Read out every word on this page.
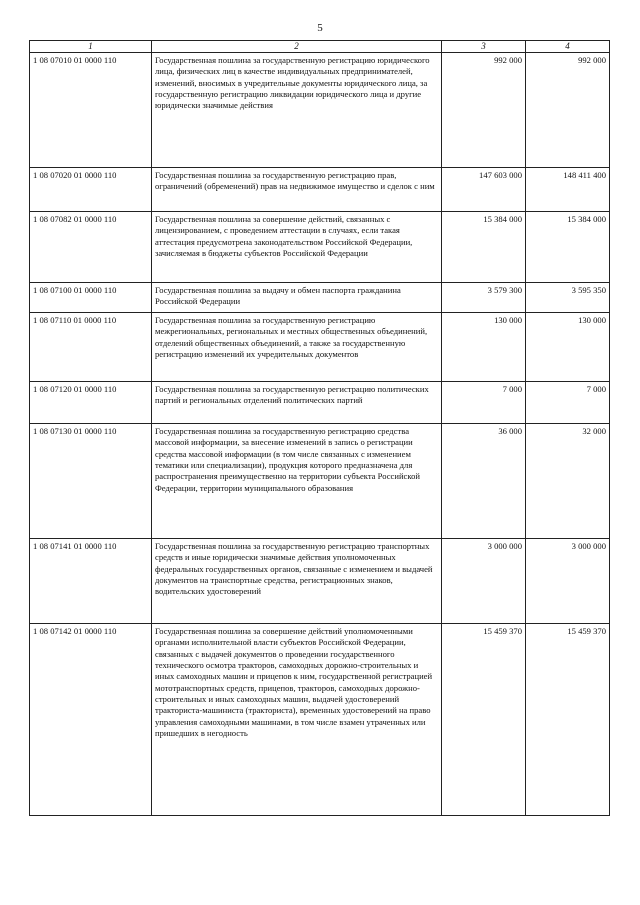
5
1	2	3	4
1 08 07010 01 0000 110	Государственная пошлина за государственную регистрацию юридического лица, физических лиц в качестве индивидуальных предпринимателей, изменений, вносимых в учредительные документы юридического лица, за государственную регистрацию ликвидации юридического лица и другие юридически значимые действия	992 000	992 000
1 08 07020 01 0000 110	Государственная пошлина за государственную регистрацию прав, ограничений (обременений) прав на недвижимое имущество и сделок с ним	147 603 000	148 411 400
1 08 07082 01 0000 110	Государственная пошлина за совершение действий, связанных с лицензированием, с проведением аттестации в случаях, если такая аттестация предусмотрена законодательством Российской Федерации, зачисляемая в бюджеты субъектов Российской Федерации	15 384 000	15 384 000
1 08 07100 01 0000 110	Государственная пошлина за выдачу и обмен паспорта гражданина Российской Федерации	3 579 300	3 595 350
1 08 07110 01 0000 110	Государственная пошлина за государственную регистрацию межрегиональных, региональных и местных общественных объединений, отделений общественных объединений, а также за государственную регистрацию изменений их учредительных документов	130 000	130 000
1 08 07120 01 0000 110	Государственная пошлина за государственную регистрацию политических партий и региональных отделений политических партий	7 000	7 000
1 08 07130 01 0000 110	Государственная пошлина за государственную регистрацию средства массовой информации, за внесение изменений в запись о регистрации средства массовой информации (в том числе связанных с изменением тематики или специализации), продукция которого предназначена для распространения преимущественно на территории субъекта Российской Федерации, территории муниципального образования	36 000	32 000
1 08 07141 01 0000 110	Государственная пошлина за государственную регистрацию транспортных средств и иные юридически значимые действия уполномоченных федеральных государственных органов, связанные с изменением и выдачей документов на транспортные средства, регистрационных знаков, водительских удостоверений	3 000 000	3 000 000
1 08 07142 01 0000 110	Государственная пошлина за совершение действий уполномоченными органами исполнительной власти субъектов Российской Федерации, связанных с выдачей документов о проведении государственного технического осмотра тракторов, самоходных дорожно-строительных и иных самоходных машин и прицепов к ним, государственной регистрацией мототранспортных средств, прицепов, тракторов, самоходных дорожно-строительных и иных самоходных машин, выдачей удостоверений тракториста-машиниста (тракториста), временных удостоверений на право управления самоходными машинами, в том числе взамен утраченных или пришедших в негодность	15 459 370	15 459 370
